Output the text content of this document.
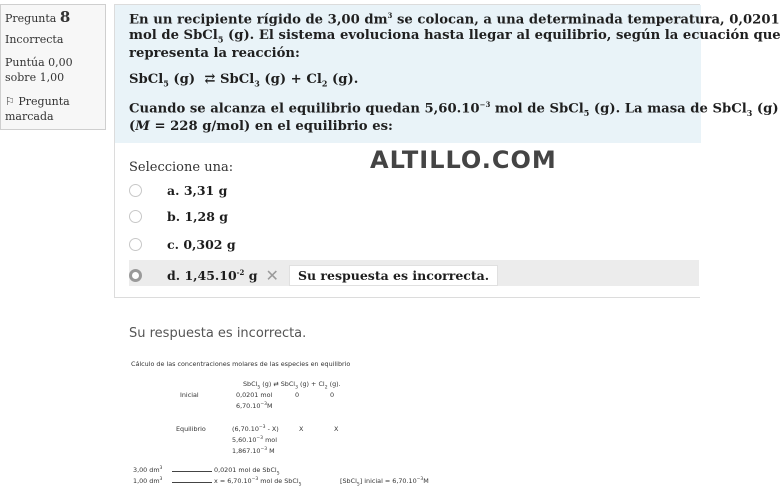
Pregunta 8
Incorrecta
Puntúa 0,00
sobre 1,00
⚐ Pregunta
marcada
En un recipiente rígido de 3,00 $dm^3$ se colocan, a una determinada temperatura, 0,0201
mol de SbCl$_5$ (g). El sistema evoluciona hasta llegar al equilibrio, según la ecuación que
representa la reacción:
SbCl$_5$ (g)  ⇄ SbCl$_3$ $(g) + Cl_2$ (g).
Cuando se alcanza el equilibrio quedan $5,60.10^{-3}$ mol de SbCl$_5$ (g). La masa de SbCl$_3$ (g)
(M = 228 g/mol) en el equilibrio es:
Seleccione una:	ALTILLO.COM
a. 3,31 g
b. 1,28 g
c. 0,302 g
d. $1,45.10^{-2}$ g ✕	Su respuesta es incorrecta.
Su respuesta es incorrecta.
Cálculo de las concentraciones molares de las especies en equilibrio
SbCl$_5$ (g) ⇄ SbCl$_3$ $(g) + Cl_2$ (g).
Inicial	0,0201 mol	0	0
$6,70.10^{-3}M$
Equilibrio	$(6,70.10^{-3} - X)$	X	X
$5,60.10^{-3}$ mol
$1,867.10^{-3}$ M
3,00 $dm^3$	0,0201 mol de SbCl$_5$
1,00 $dm^3$	$x = 6,70.10^{-3}$ mol de SbCl$_5$	[SbCl$_5$] inicial = $6,70.10^{-3}M$
